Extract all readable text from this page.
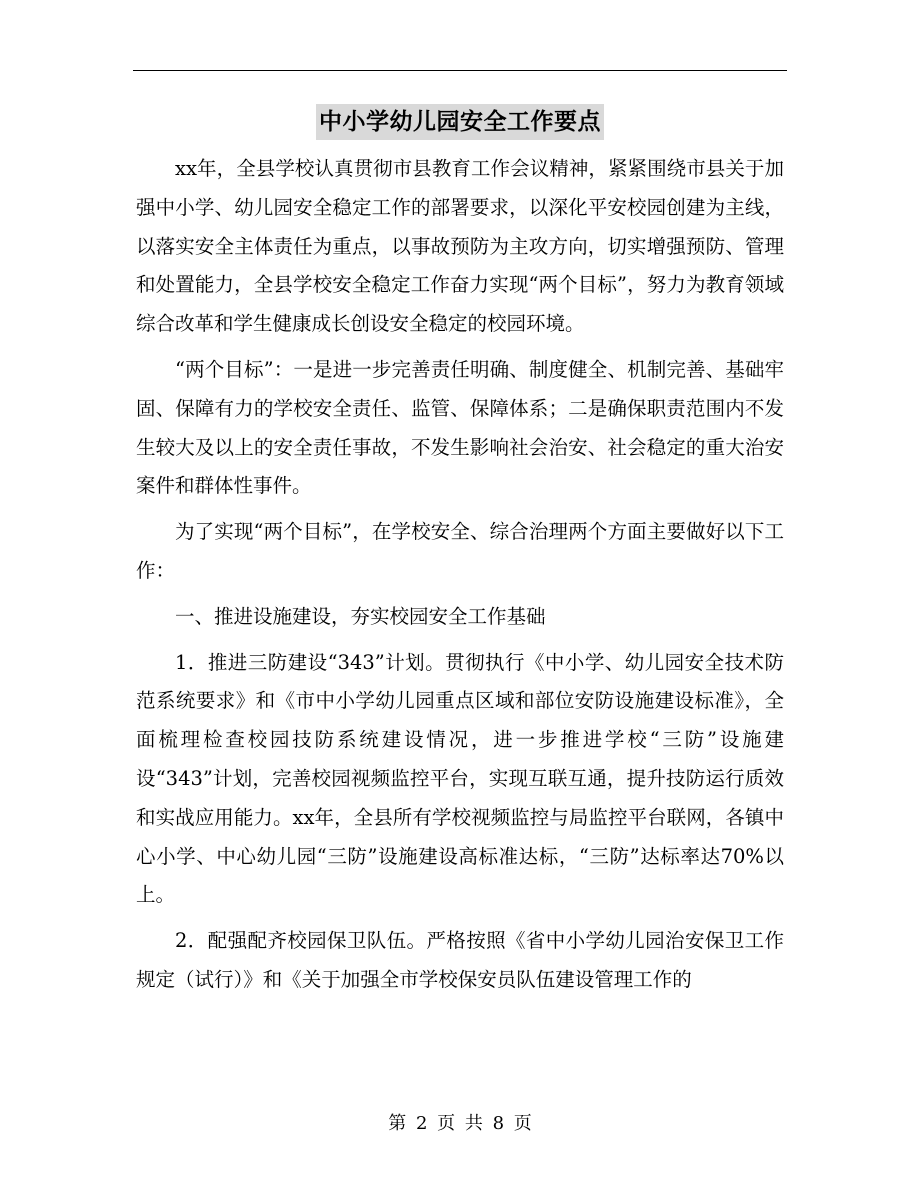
中小学幼儿园安全工作要点

xx年，全县学校认真贯彻市县教育工作会议精神，紧紧围绕市县关于加强中小学、幼儿园安全稳定工作的部署要求，以深化平安校园创建为主线，以落实安全主体责任为重点，以事故预防为主攻方向，切实增强预防、管理和处置能力，全县学校安全稳定工作奋力实现“两个目标”，努力为教育领域综合改革和学生健康成长创设安全稳定的校园环境。

“两个目标”：一是进一步完善责任明确、制度健全、机制完善、基础牢固、保障有力的学校安全责任、监管、保障体系；二是确保职责范围内不发生较大及以上的安全责任事故，不发生影响社会治安、社会稳定的重大治安案件和群体性事件。

为了实现“两个目标”，在学校安全、综合治理两个方面主要做好以下工作：

一、推进设施建设，夯实校园安全工作基础

1．推进三防建设“343”计划。贯彻执行《中小学、幼儿园安全技术防范系统要求》和《市中小学幼儿园重点区域和部位安防设施建设标准》，全面梳理检查校园技防系统建设情况，进一步推进学校“三防”设施建设“343”计划，完善校园视频监控平台，实现互联互通，提升技防运行质效和实战应用能力。xx年，全县所有学校视频监控与局监控平台联网，各镇中心小学、中心幼儿园“三防”设施建设高标准达标，“三防”达标率达70%以上。

2．配强配齐校园保卫队伍。严格按照《省中小学幼儿园治安保卫工作规定（试行）》和《关于加强全市学校保安员队伍建设管理工作的

第 2 页 共 8 页
